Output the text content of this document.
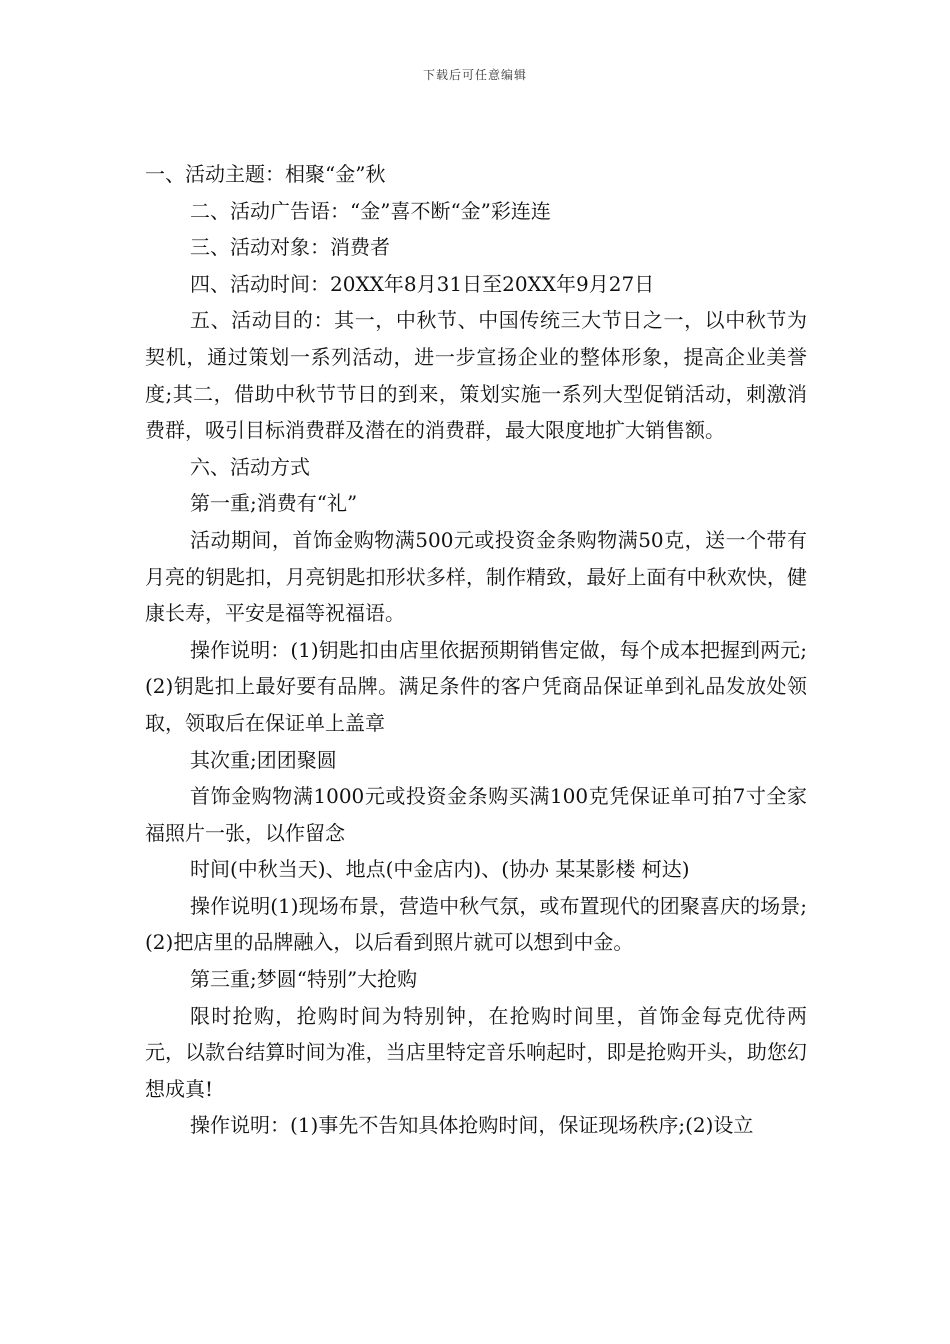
下载后可任意编辑

一、活动主题：相聚“金”秋

二、活动广告语：“金”喜不断“金”彩连连

三、活动对象：消费者

四、活动时间：20XX年8月31日至20XX年9月27日

五、活动目的：其一，中秋节、中国传统三大节日之一，以中秋节为契机，通过策划一系列活动，进一步宣扬企业的整体形象，提高企业美誉度;其二，借助中秋节节日的到来，策划实施一系列大型促销活动，刺激消费群，吸引目标消费群及潜在的消费群，最大限度地扩大销售额。

六、活动方式

第一重;消费有“礼”

活动期间，首饰金购物满500元或投资金条购物满50克，送一个带有月亮的钥匙扣，月亮钥匙扣形状多样，制作精致，最好上面有中秋欢快，健康长寿，平安是福等祝福语。

操作说明：(1)钥匙扣由店里依据预期销售定做，每个成本把握到两元;(2)钥匙扣上最好要有品牌。满足条件的客户凭商品保证单到礼品发放处领取，领取后在保证单上盖章

其次重;团团聚圆

首饰金购物满1000元或投资金条购买满100克凭保证单可拍7寸全家福照片一张，以作留念

时间(中秋当天)、地点(中金店内)、(协办 某某影楼 柯达)

操作说明(1)现场布景，营造中秋气氛，或布置现代的团聚喜庆的场景;(2)把店里的品牌融入，以后看到照片就可以想到中金。

第三重;梦圆“特别”大抢购

限时抢购，抢购时间为特别钟，在抢购时间里，首饰金每克优待两元，以款台结算时间为准，当店里特定音乐响起时，即是抢购开头，助您幻想成真!

操作说明：(1)事先不告知具体抢购时间，保证现场秩序;(2)设立
